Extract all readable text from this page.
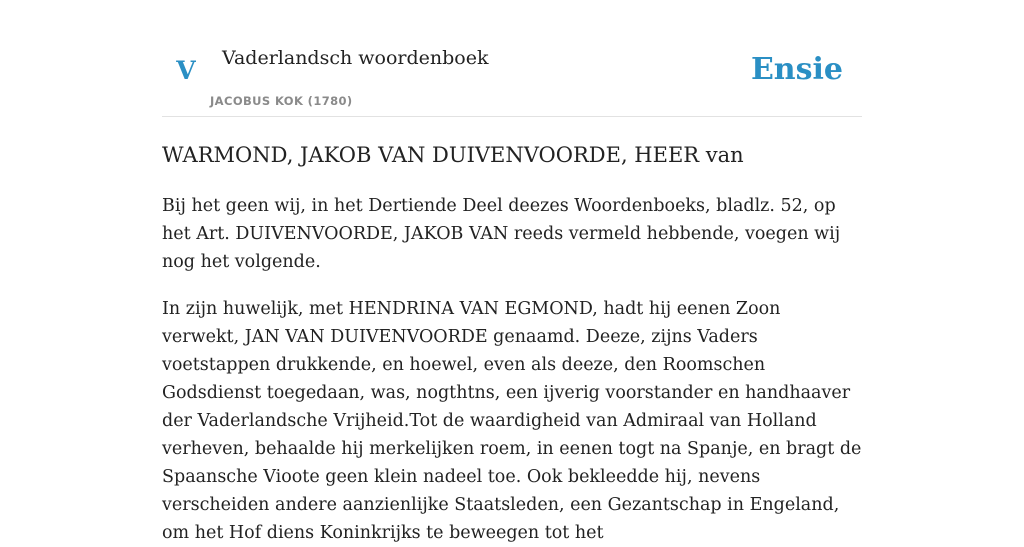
V Vaderlandsch woordenboek
JACOBUS KOK (1780)
Ensie
WARMOND, JAKOB VAN DUIVENVOORDE, HEER van

Bij het geen wij, in het Dertiende Deel deezes Woordenboeks, bladlz. 52, op het Art. DUIVENVOORDE, JAKOB VAN reeds vermeld hebbende, voegen wij nog het volgende.

In zijn huwelijk, met HENDRINA VAN EGMOND, hadt hij eenen Zoon verwekt, JAN VAN DUIVENVOORDE genaamd. Deeze, zijns Vaders voetstappen drukkende, en hoewel, even als deeze, den Roomschen Godsdienst toegedaan, was, nogthtns, een ijverig voorstander en handhaaver der Vaderlandsche Vrijheid.Tot de waardigheid van Admiraal van Holland verheven, behaalde hij merkelijken roem, in eenen togt na Spanje, en bragt de Spaansche Vioote geen klein nadeel toe. Ook bekleedde hij, nevens verscheiden andere aanzienlijke Staatsleden, een Gezantschap in Engeland, om het Hof diens Koninkrijks te beweegen tot het
